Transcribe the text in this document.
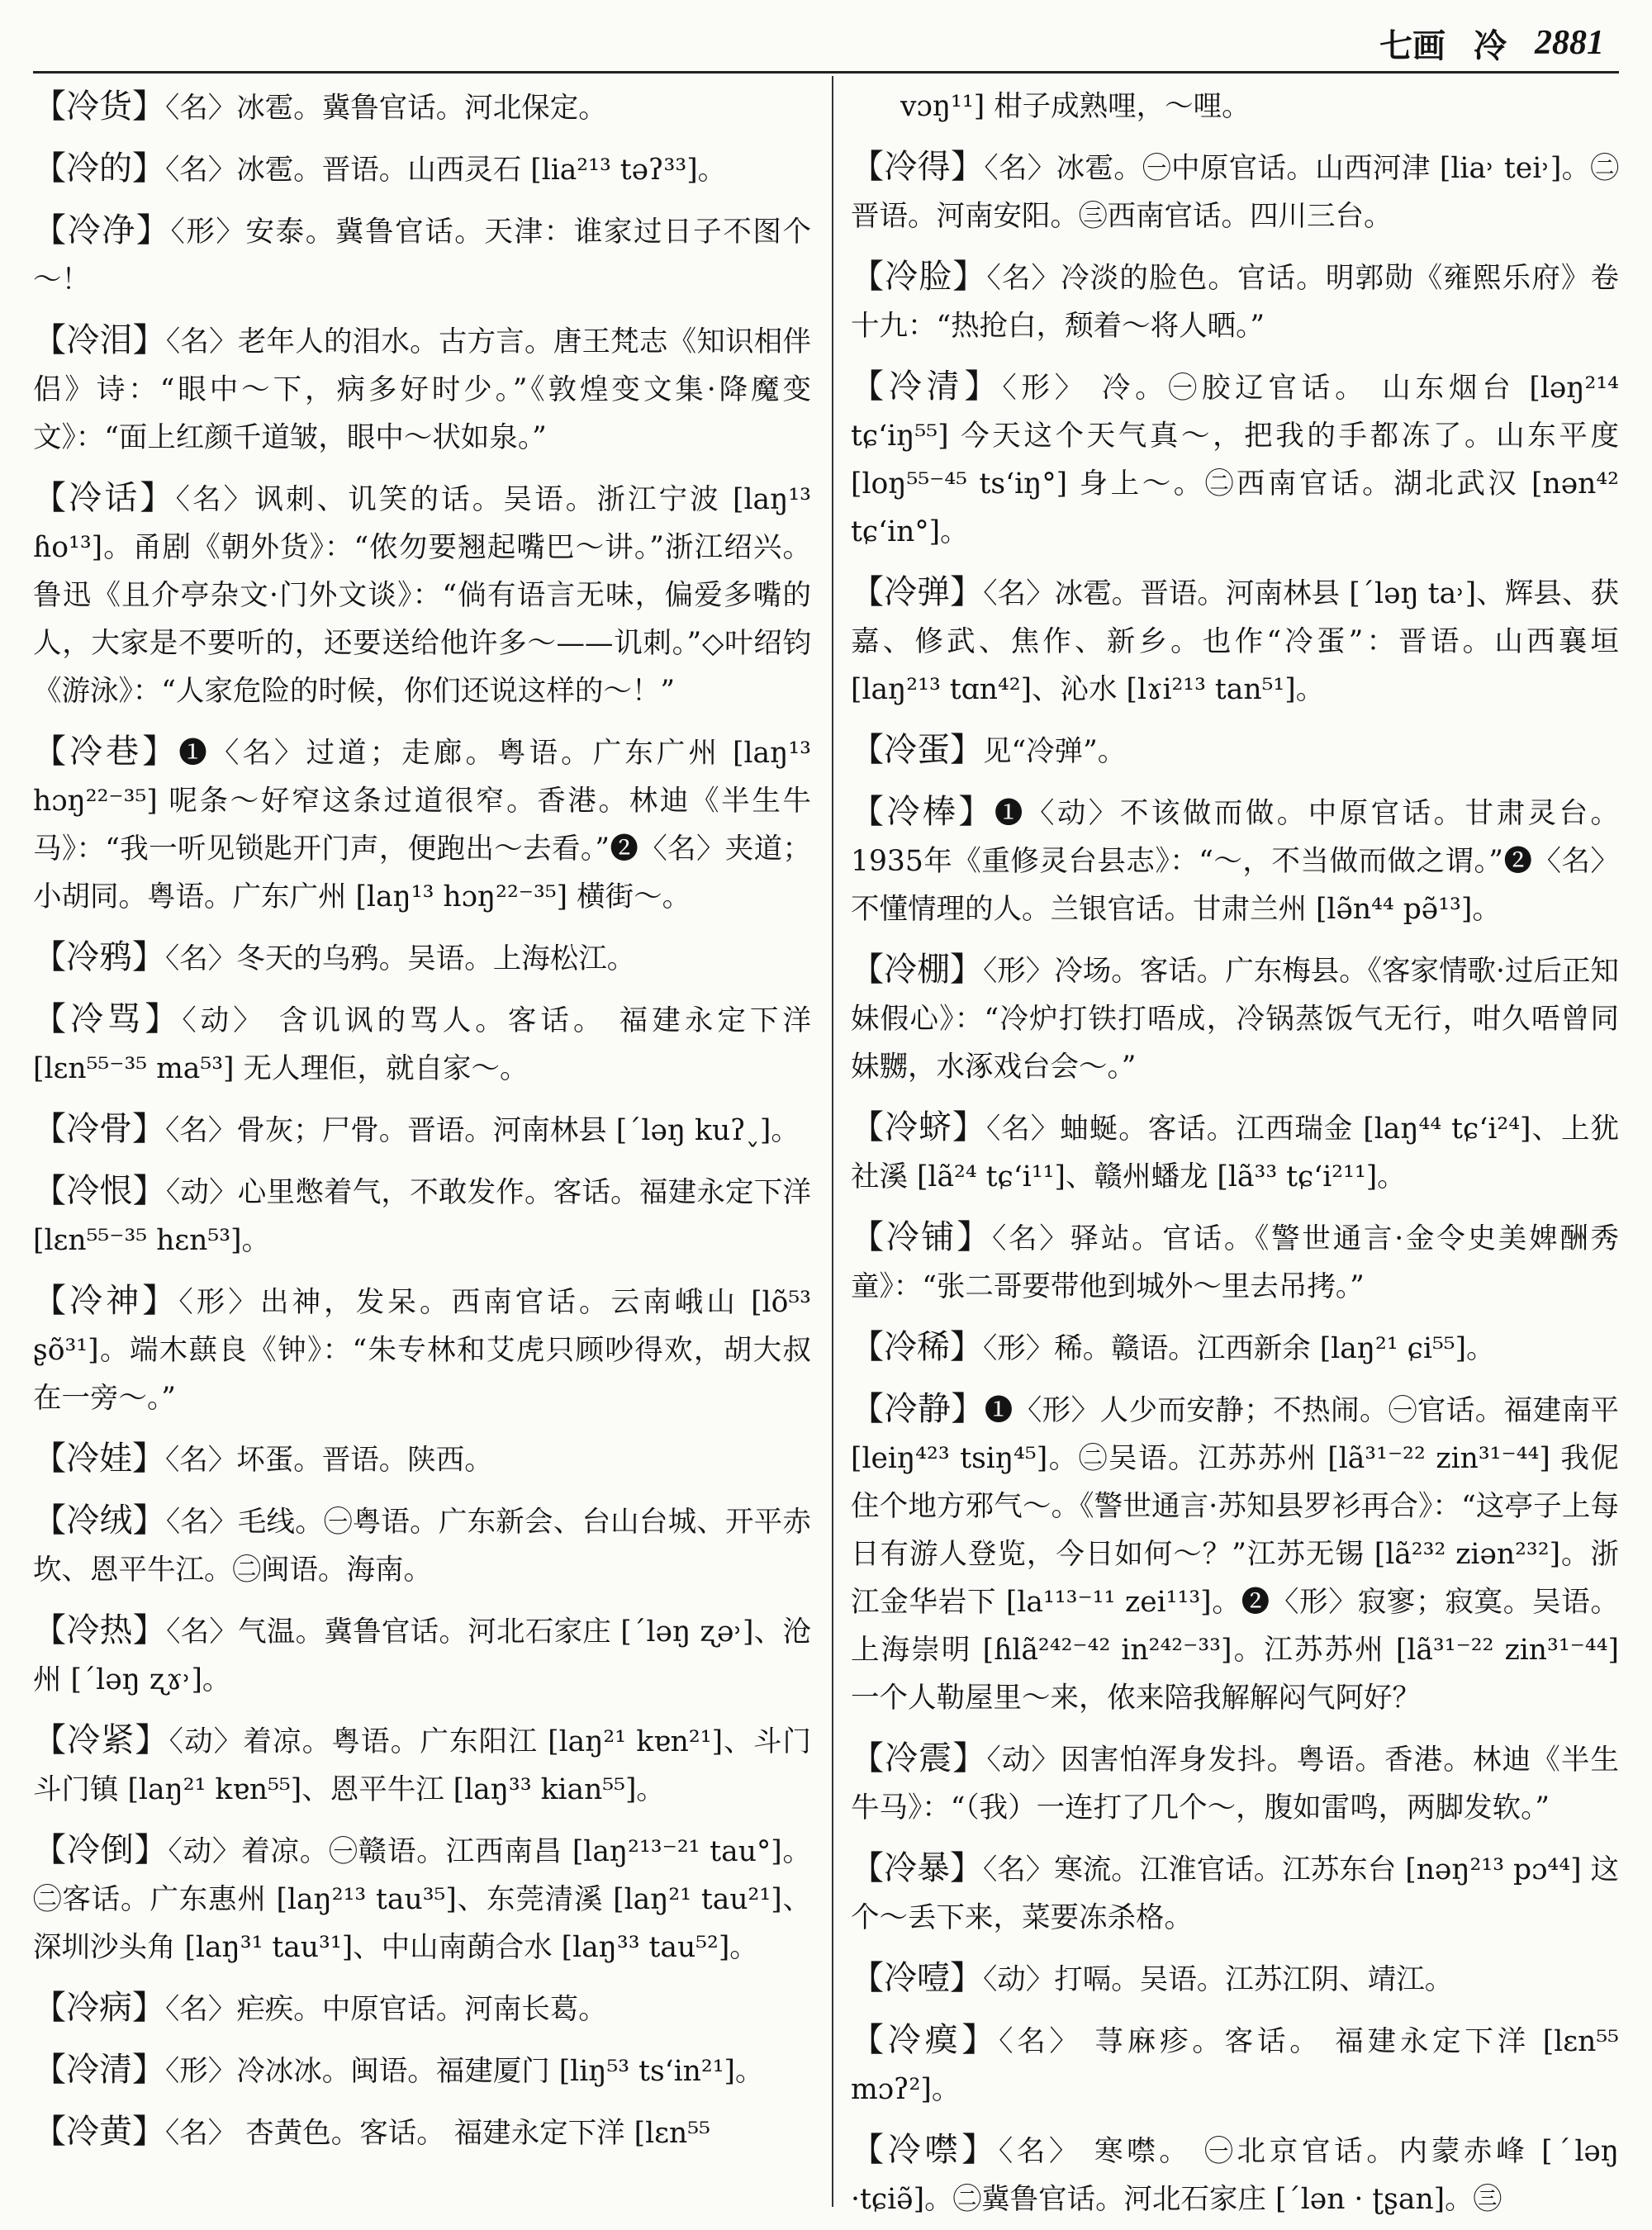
七画 冷 2881

【冷货】〈名〉冰雹。冀鲁官话。河北保定。

【冷的】〈名〉冰雹。晋语。山西灵石 [lia²¹³ təʔ³³]。

【冷净】〈形〉安泰。冀鲁官话。天津：谁家过日子不图个～！

【冷泪】〈名〉老年人的泪水。古方言。唐王梵志《知识相伴侣》诗：“眼中～下，病多好时少。”《敦煌变文集·降魔变文》：“面上红颜千道皱，眼中～状如泉。”

【冷话】〈名〉讽刺、讥笑的话。吴语。浙江宁波 [laŋ¹³ ɦo¹³]。甬剧《朝外货》：“侬勿要翘起嘴巴～讲。”浙江绍兴。鲁迅《且介亭杂文·门外文谈》：“倘有语言无味，偏爱多嘴的人，大家是不要听的，还要送给他许多～——讥刺。”◇叶绍钧《游泳》：“人家危险的时候，你们还说这样的～！”

【冷巷】❶〈名〉过道；走廊。粤语。广东广州 [laŋ¹³ hɔŋ²²⁻³⁵] 呢条～好窄这条过道很窄。香港。林迪《半生牛马》：“我一听见锁匙开门声，便跑出～去看。”❷〈名〉夹道；小胡同。粤语。广东广州 [laŋ¹³ hɔŋ²²⁻³⁵] 横街～。

【冷鸦】〈名〉冬天的乌鸦。吴语。上海松江。

【冷骂】〈动〉 含讥讽的骂人。客话。 福建永定下洋 [lɛn⁵⁵⁻³⁵ ma⁵³] 无人理佢，就自家～。

【冷骨】〈名〉骨灰；尸骨。晋语。河南林县 [ˊləŋ kuʔ˯]。

【冷恨】〈动〉心里憋着气，不敢发作。客话。福建永定下洋 [lɛn⁵⁵⁻³⁵ hɛn⁵³]。

【冷神】〈形〉出神，发呆。西南官话。云南峨山 [lõ⁵³ ʂõ³¹]。端木蕻良《钟》：“朱专林和艾虎只顾吵得欢，胡大叔在一旁～。”

【冷娃】〈名〉坏蛋。晋语。陕西。

【冷绒】〈名〉毛线。㊀粤语。广东新会、台山台城、开平赤坎、恩平牛江。㊁闽语。海南。

【冷热】〈名〉气温。冀鲁官话。河北石家庄 [ˊləŋ ʐə˒]、沧州 [ˊləŋ ʐɤ˒]。

【冷紧】〈动〉着凉。粤语。广东阳江 [laŋ²¹ kɐn²¹]、斗门斗门镇 [laŋ²¹ kɐn⁵⁵]、恩平牛江 [laŋ³³ kian⁵⁵]。

【冷倒】〈动〉着凉。㊀赣语。江西南昌 [laŋ²¹³⁻²¹ tau°]。㊁客话。广东惠州 [laŋ²¹³ tau³⁵]、东莞清溪 [laŋ²¹ tau²¹]、深圳沙头角 [laŋ³¹ tau³¹]、中山南蓢合水 [laŋ³³ tau⁵²]。

【冷病】〈名〉疟疾。中原官话。河南长葛。

【冷清】〈形〉冷冰冰。闽语。福建厦门 [liŋ⁵³ tsʻin²¹]。

【冷黄】〈名〉 杏黄色。客话。 福建永定下洋 [lɛn⁵⁵

vɔŋ¹¹] 柑子成熟哩，～哩。

【冷得】〈名〉冰雹。㊀中原官话。山西河津 [lia˒ tei˒]。㊁晋语。河南安阳。㊂西南官话。四川三台。

【冷脸】〈名〉冷淡的脸色。官话。明郭勋《雍熙乐府》卷十九：“热抢白，颓着～将人晒。”

【冷清】〈形〉 冷。㊀胶辽官话。 山东烟台 [ləŋ²¹⁴ tɕʻiŋ⁵⁵] 今天这个天气真～，把我的手都冻了。山东平度 [loŋ⁵⁵⁻⁴⁵ tsʻiŋ°] 身上～。㊁西南官话。湖北武汉 [nən⁴² tɕʻin°]。

【冷弹】〈名〉冰雹。晋语。河南林县 [ˊləŋ ta˒]、辉县、获嘉、修武、焦作、新乡。也作“冷蛋”：晋语。山西襄垣 [laŋ²¹³ tɑn⁴²]、沁水 [lɤi²¹³ tan⁵¹]。

【冷蛋】见“冷弹”。

【冷棒】❶〈动〉不该做而做。中原官话。甘肃灵台。1935年《重修灵台县志》：“～，不当做而做之谓。”❷〈名〉不懂情理的人。兰银官话。甘肃兰州 [lə̃n⁴⁴ pə̃¹³]。

【冷棚】〈形〉冷场。客话。广东梅县。《客家情歌·过后正知妹假心》：“冷炉打铁打唔成，冷锅蒸饭气无行，咁久唔曾同妹嬲，水涿戏台会～。”

【冷蛴】〈名〉蚰蜒。客话。江西瑞金 [laŋ⁴⁴ tɕʻi²⁴]、上犹社溪 [lã²⁴ tɕʻi¹¹]、赣州蟠龙 [lã³³ tɕʻi²¹¹]。

【冷铺】〈名〉驿站。官话。《警世通言·金令史美婢酬秀童》：“张二哥要带他到城外～里去吊拷。”

【冷稀】〈形〉稀。赣语。江西新余 [laŋ²¹ ɕi⁵⁵]。

【冷静】❶〈形〉人少而安静；不热闹。㊀官话。福建南平 [leiŋ⁴²³ tsiŋ⁴⁵]。㊁吴语。江苏苏州 [lã³¹⁻²² zin³¹⁻⁴⁴] 我伲住个地方邪气～。《警世通言·苏知县罗衫再合》：“这亭子上每日有游人登览，今日如何～？”江苏无锡 [lã²³² ziən²³²]。浙江金华岩下 [la¹¹³⁻¹¹ zei¹¹³]。❷〈形〉寂寥；寂寞。吴语。上海崇明 [ɦlã²⁴²⁻⁴² in²⁴²⁻³³]。江苏苏州 [lã³¹⁻²² zin³¹⁻⁴⁴] 一个人勒屋里～来，侬来陪我解解闷气阿好？

【冷震】〈动〉因害怕浑身发抖。粤语。香港。林迪《半生牛马》：“（我）一连打了几个～，腹如雷鸣，两脚发软。”

【冷暴】〈名〉寒流。江淮官话。江苏东台 [nəŋ²¹³ pɔ⁴⁴] 这个～丢下来，菜要冻杀格。

【冷噎】〈动〉打嗝。吴语。江苏江阴、靖江。

【冷瘼】〈名〉 荨麻疹。客话。 福建永定下洋 [lɛn⁵⁵ mɔʔ²]。

【冷噤】〈名〉 寒噤。 ㊀北京官话。内蒙赤峰 [ˊləŋ ·tɕiə̃]。㊁冀鲁官话。河北石家庄 [ˊlən · ʈʂan]。㊂
